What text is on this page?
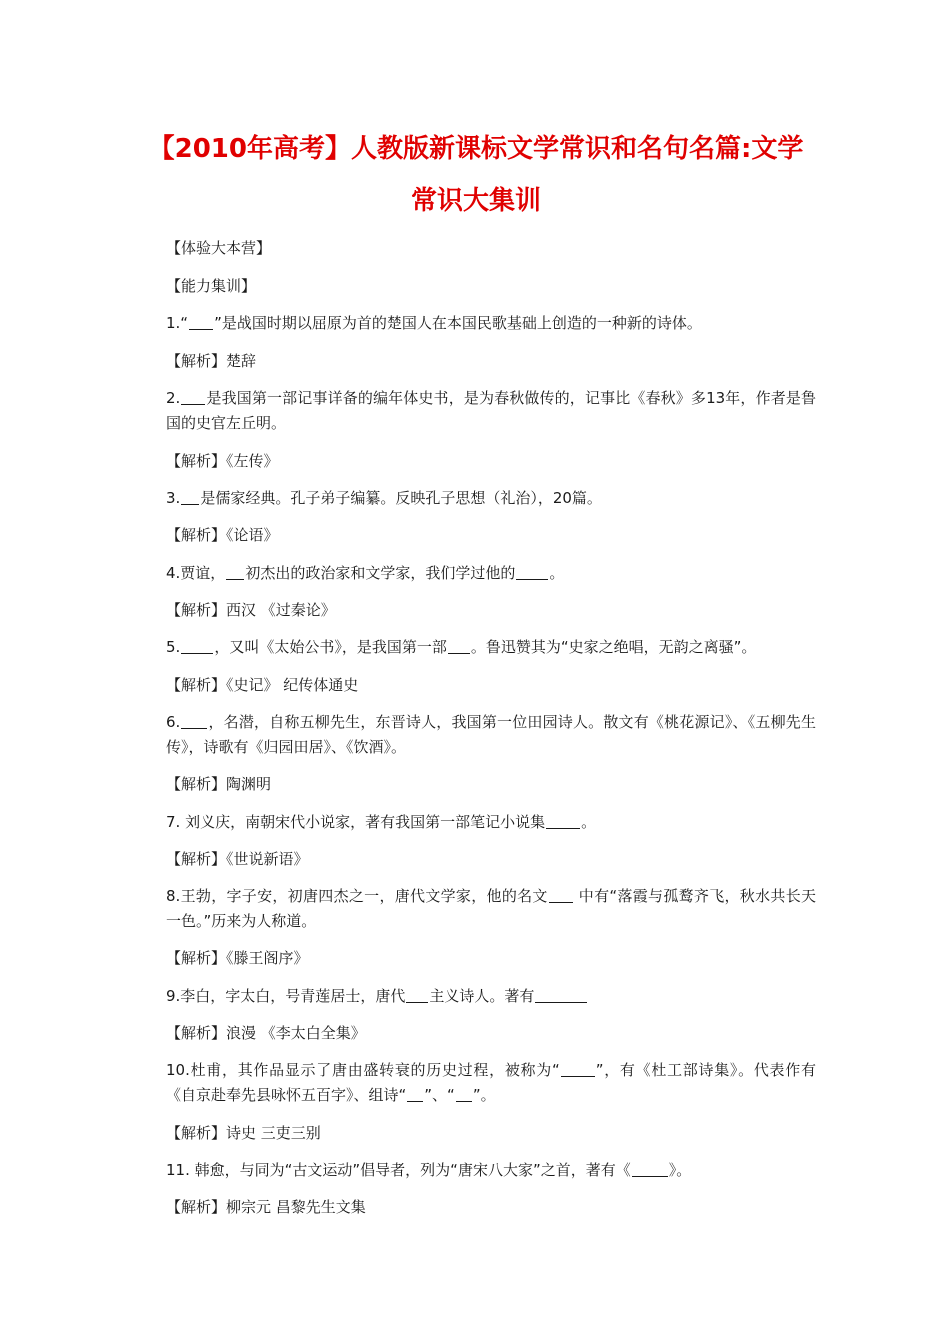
【2010年高考】人教版新课标文学常识和名句名篇:文学
常识大集训
【体验大本营】
【能力集训】
1.“ ”是战国时期以屈原为首的楚国人在本国民歌基础上创造的一种新的诗体。
【解析】楚辞
2. 是我国第一部记事详备的编年体史书，是为春秋做传的，记事比《春秋》多13年，作者是鲁国的史官左丘明。
【解析】《左传》
3. 是儒家经典。孔子弟子编纂。反映孔子思想（礼治），20篇。
【解析】《论语》
4.贾谊， 初杰出的政治家和文学家，我们学过他的 。
【解析】西汉 《过秦论》
5. ，又叫《太始公书》，是我国第一部 。鲁迅赞其为“史家之绝唱，无韵之离骚”。
【解析】《史记》 纪传体通史
6. ，名潜，自称五柳先生，东晋诗人，我国第一位田园诗人。散文有《桃花源记》、《五柳先生传》，诗歌有《归园田居》、《饮酒》。
【解析】陶渊明
7. 刘义庆，南朝宋代小说家，著有我国第一部笔记小说集 。
【解析】《世说新语》
8.王勃，字子安，初唐四杰之一，唐代文学家，他的名文 中有“落霞与孤鹜齐飞，秋水共长天一色。”历来为人称道。
【解析】《滕王阁序》
9.李白，字太白，号青莲居士，唐代 主义诗人。著有
【解析】浪漫 《李太白全集》
10.杜甫，其作品显示了唐由盛转衰的历史过程，被称为“ ”，有《杜工部诗集》。代表作有《自京赴奉先县咏怀五百字》、组诗“ ”、“ ”。
【解析】诗史 三吏三别
11. 韩愈，与同为“古文运动”倡导者，列为“唐宋八大家”之首，著有《	》。
【解析】柳宗元 昌黎先生文集
